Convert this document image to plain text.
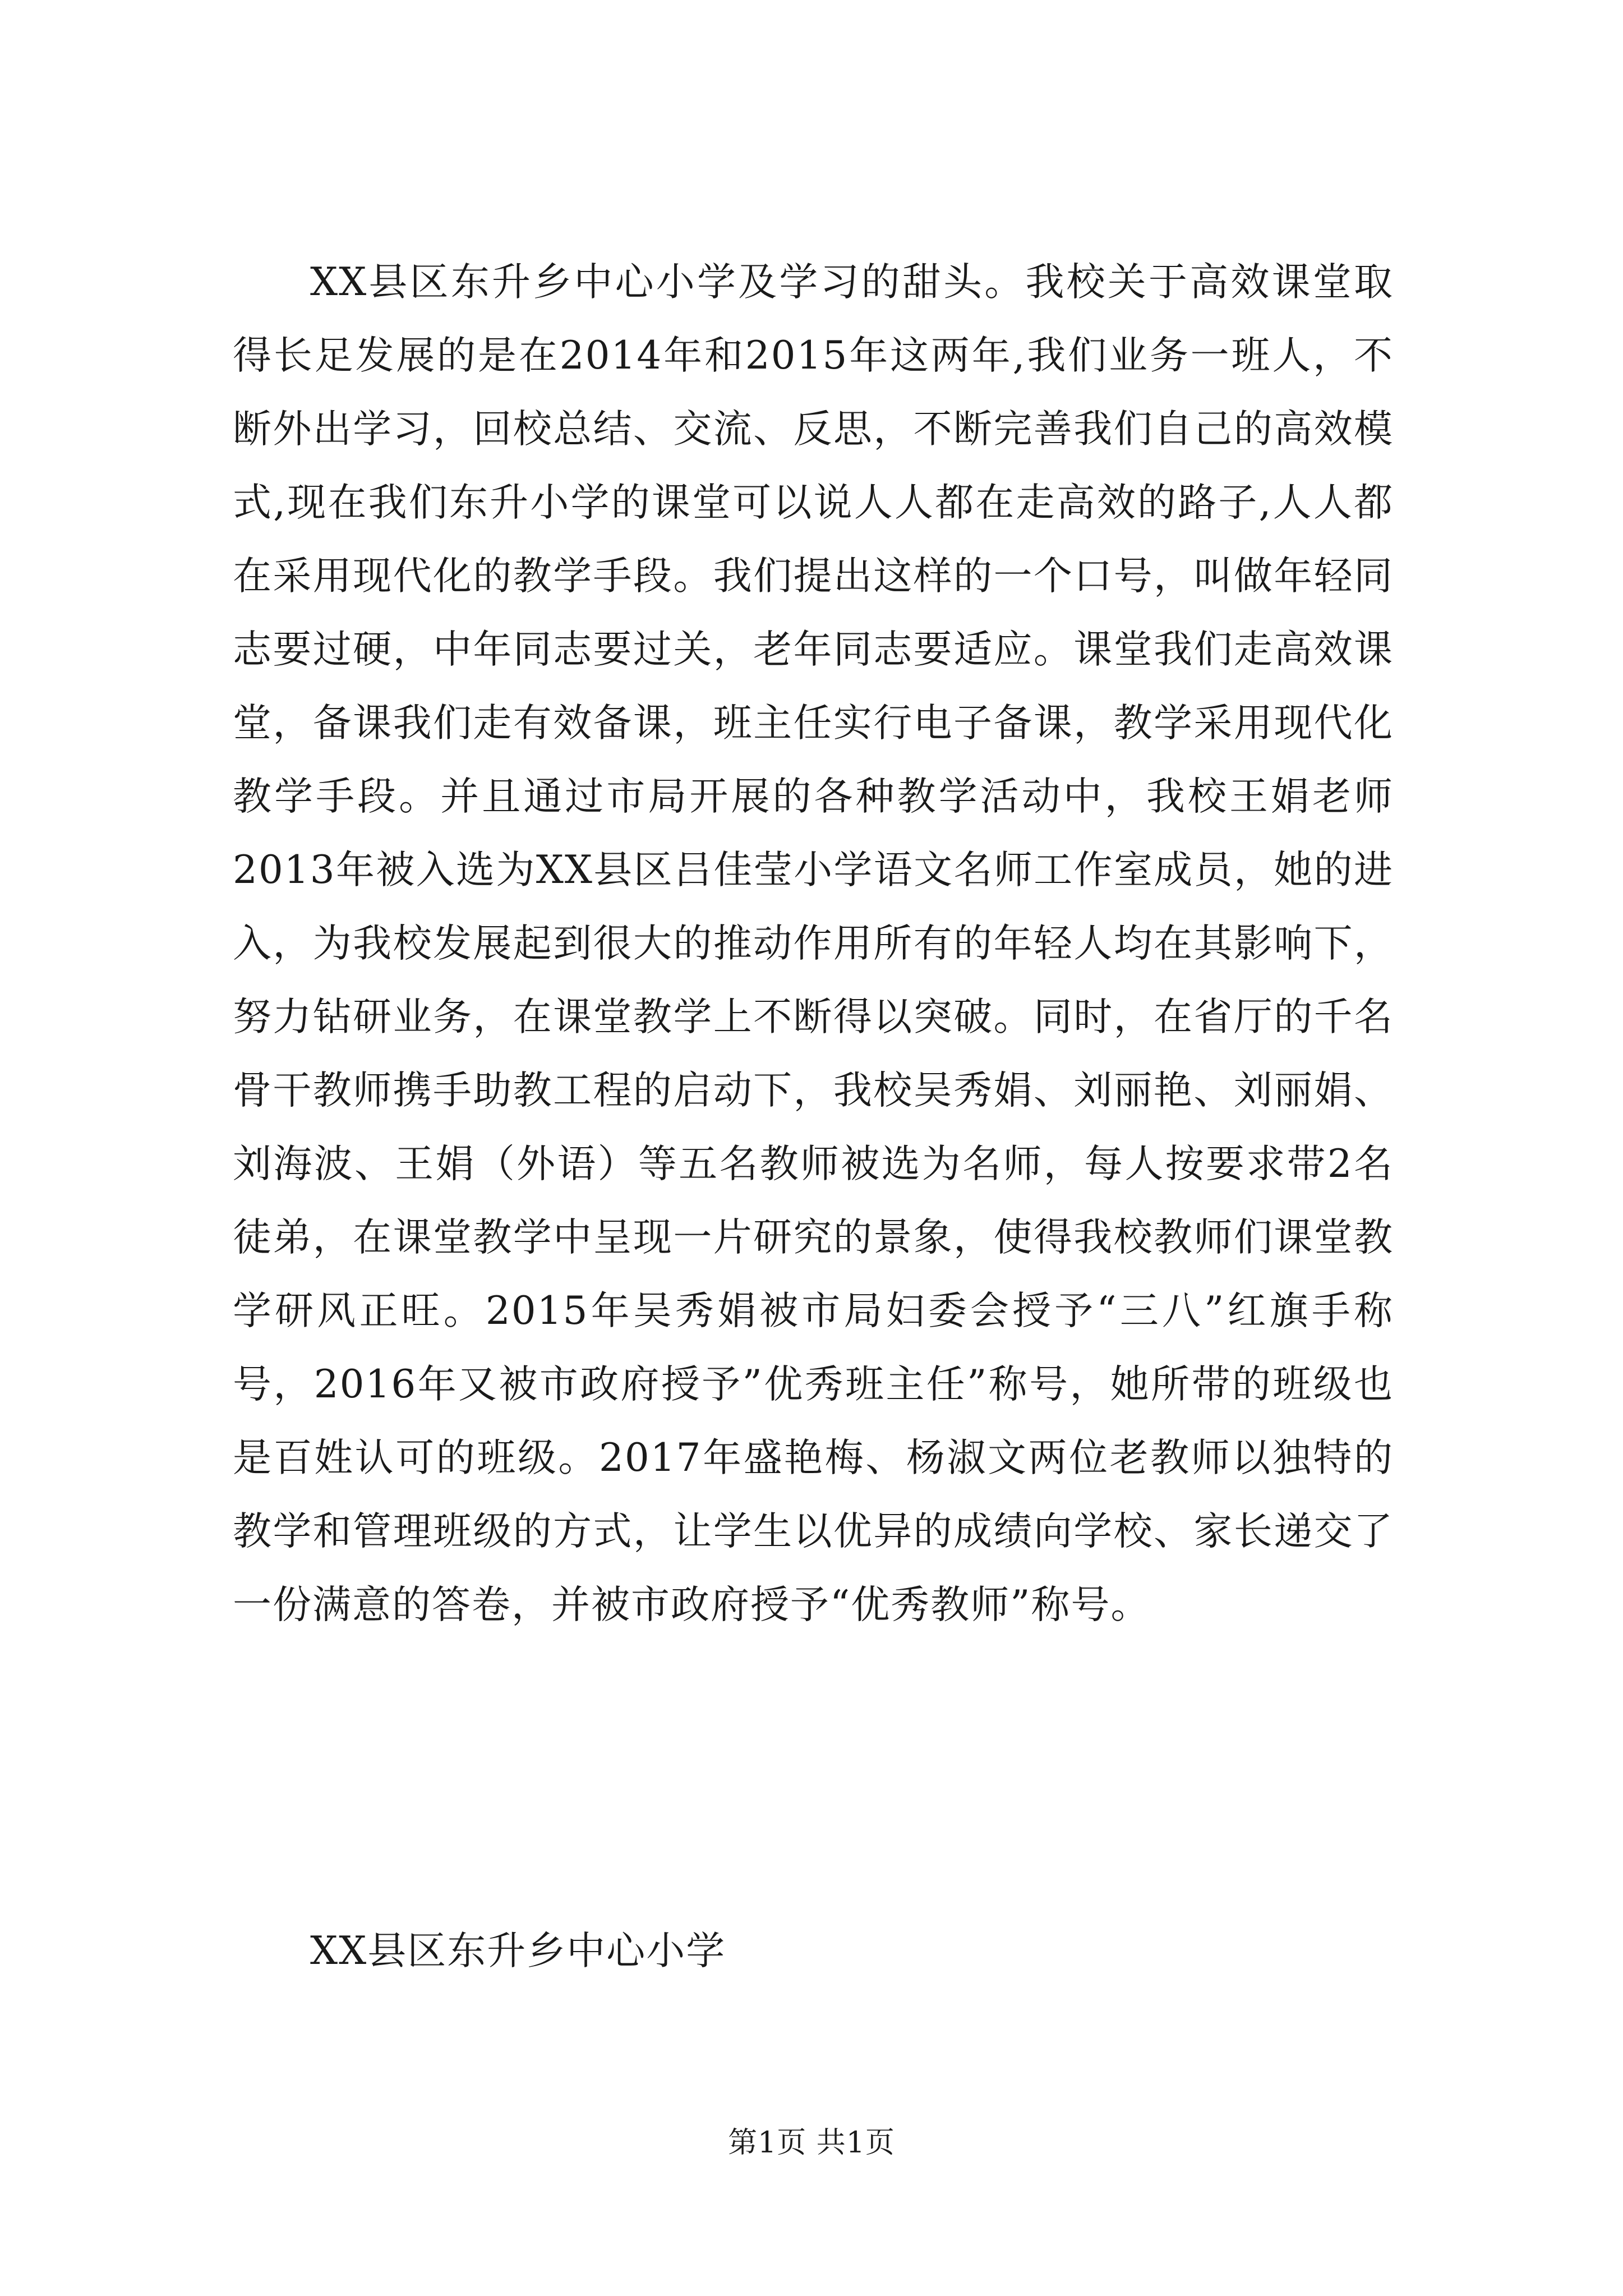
XX县区东升乡中心小学及学习的甜头。我校关于高效课堂取得长足发展的是在2014年和2015年这两年,我们业务一班人，不断外出学习，回校总结、交流、反思，不断完善我们自己的高效模式,现在我们东升小学的课堂可以说人人都在走高效的路子,人人都在采用现代化的教学手段。我们提出这样的一个口号，叫做年轻同志要过硬，中年同志要过关，老年同志要适应。课堂我们走高效课堂，备课我们走有效备课，班主任实行电子备课，教学采用现代化教学手段。并且通过市局开展的各种教学活动中，我校王娟老师2013年被入选为XX县区吕佳莹小学语文名师工作室成员，她的进入，为我校发展起到很大的推动作用所有的年轻人均在其影响下，努力钻研业务，在课堂教学上不断得以突破。同时，在省厅的千名骨干教师携手助教工程的启动下，我校吴秀娟、刘丽艳、刘丽娟、刘海波、王娟（外语）等五名教师被选为名师，每人按要求带2名徒弟，在课堂教学中呈现一片研究的景象，使得我校教师们课堂教学研风正旺。2015年吴秀娟被市局妇委会授予“三八”红旗手称号，2016年又被市政府授予”优秀班主任”称号，她所带的班级也是百姓认可的班级。2017年盛艳梅、杨淑文两位老教师以独特的教学和管理班级的方式，让学生以优异的成绩向学校、家长递交了一份满意的答卷，并被市政府授予“优秀教师”称号。

XX县区东升乡中心小学

第1页 共1页
